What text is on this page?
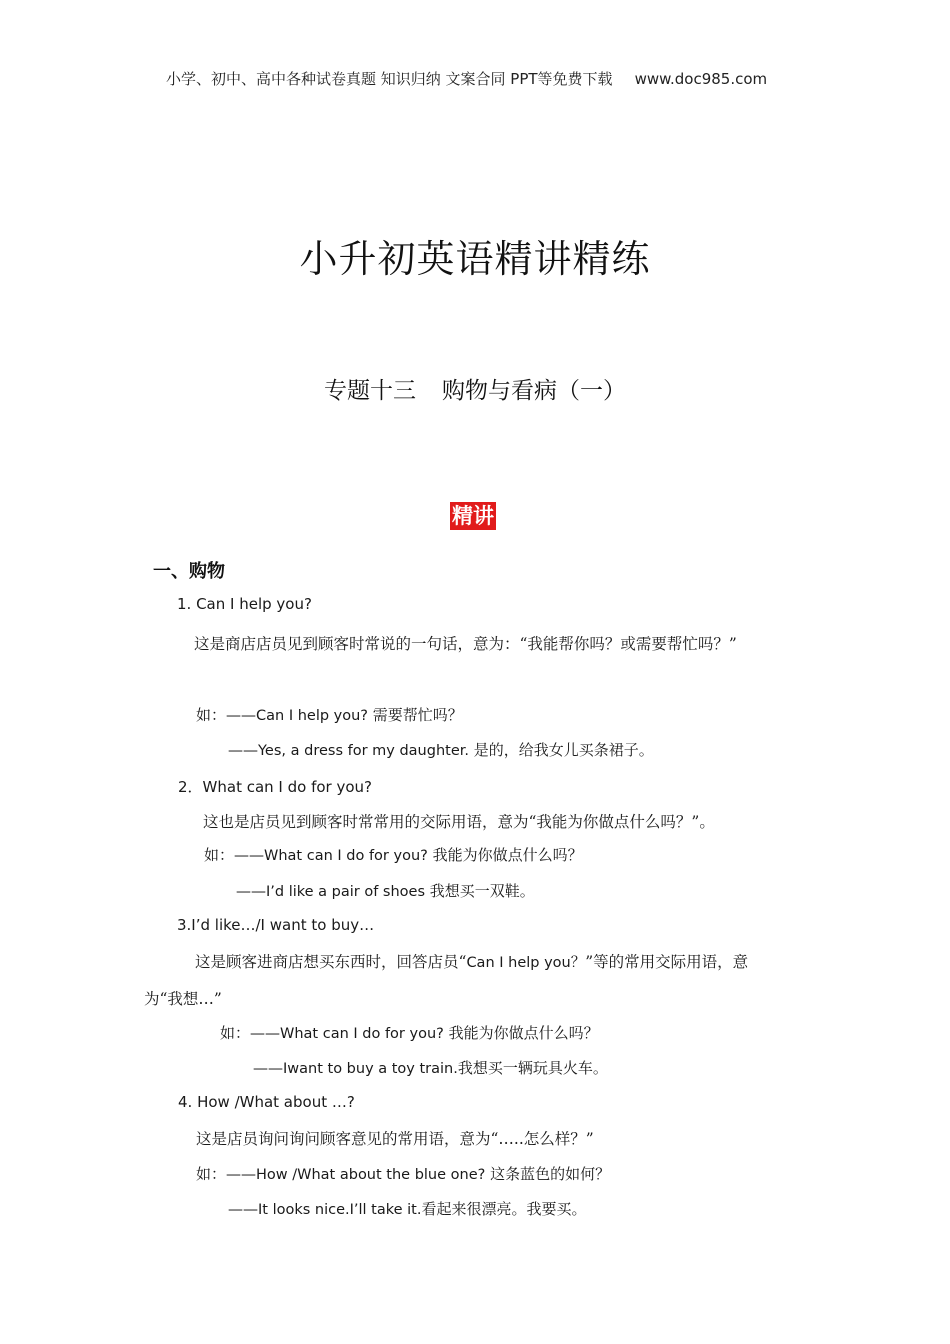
小学、初中、高中各种试卷真题 知识归纳 文案合同 PPT等免费下载 www.doc985.com
小升初英语精讲精练
专题十三 购物与看病（一）
精讲
一、购物
1. Can I help you?
这是商店店员见到顾客时常说的一句话，意为：“我能帮你吗？或需要帮忙吗？”
如：——Can I help you? 需要帮忙吗？
——Yes, a dress for my daughter. 是的，给我女儿买条裙子。
2．What can I do for you?
这也是店员见到顾客时常常用的交际用语，意为“我能为你做点什么吗？”。
如：——What can I do for you? 我能为你做点什么吗？
——I’d like a pair of shoes 我想买一双鞋。
3.I’d like…/I want to buy…
这是顾客进商店想买东西时，回答店员“Can I help you？”等的常用交际用语，意
为“我想…”
如：——What can I do for you? 我能为你做点什么吗？
——Iwant to buy a toy train.我想买一辆玩具火车。
4. How /What about …?
这是店员询问询问顾客意见的常用语，意为“…..怎么样？”
如：——How /What about the blue one? 这条蓝色的如何？
——It looks nice.I’ll take it.看起来很漂亮。我要买。
